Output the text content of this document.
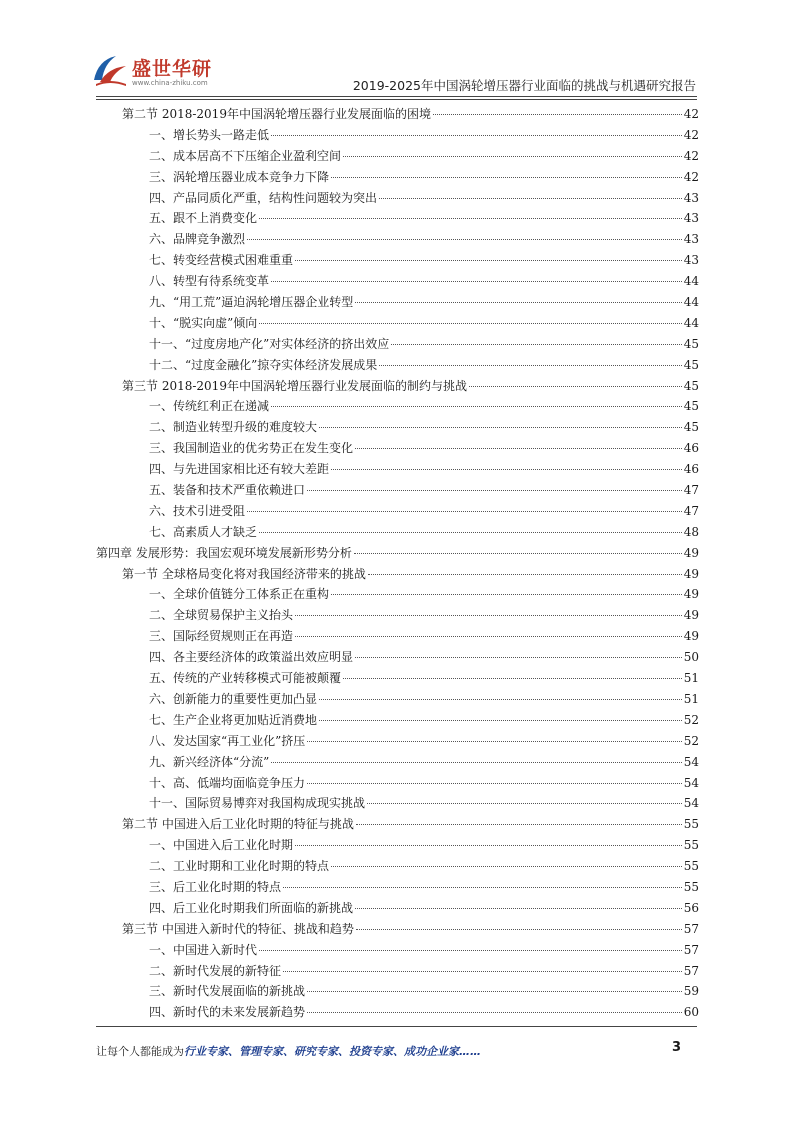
盛世华研
www.china-zhiku.com	2019-2025年中国涡轮增压器行业面临的挑战与机遇研究报告
第二节 2018-2019年中国涡轮增压器行业发展面临的困境	42
一、增长势头一路走低	42
二、成本居高不下压缩企业盈利空间	42
三、涡轮增压器业成本竞争力下降	42
四、产品同质化严重，结构性问题较为突出	43
五、跟不上消费变化	43
六、品牌竞争激烈	43
七、转变经营模式困难重重	43
八、转型有待系统变革	44
九、“用工荒”逼迫涡轮增压器企业转型	44
十、“脱实向虚”倾向	44
十一、“过度房地产化”对实体经济的挤出效应	45
十二、“过度金融化”掠夺实体经济发展成果	45
第三节 2018-2019年中国涡轮增压器行业发展面临的制约与挑战	45
一、传统红利正在递减	45
二、制造业转型升级的难度较大	45
三、我国制造业的优劣势正在发生变化	46
四、与先进国家相比还有较大差距	46
五、装备和技术严重依赖进口	47
六、技术引进受阻	47
七、高素质人才缺乏	48
第四章 发展形势：我国宏观环境发展新形势分析	49
第一节 全球格局变化将对我国经济带来的挑战	49
一、全球价值链分工体系正在重构	49
二、全球贸易保护主义抬头	49
三、国际经贸规则正在再造	49
四、各主要经济体的政策溢出效应明显	50
五、传统的产业转移模式可能被颠覆	51
六、创新能力的重要性更加凸显	51
七、生产企业将更加贴近消费地	52
八、发达国家“再工业化”挤压	52
九、新兴经济体“分流”	54
十、高、低端均面临竞争压力	54
十一、国际贸易博弈对我国构成现实挑战	54
第二节 中国进入后工业化时期的特征与挑战	55
一、中国进入后工业化时期	55
二、工业时期和工业化时期的特点	55
三、后工业化时期的特点	55
四、后工业化时期我们所面临的新挑战	56
第三节 中国进入新时代的特征、挑战和趋势	57
一、中国进入新时代	57
二、新时代发展的新特征	57
三、新时代发展面临的新挑战	59
四、新时代的未来发展新趋势	60
让每个人都能成为行业专家、管理专家、研究专家、投资专家、成功企业家……	3
